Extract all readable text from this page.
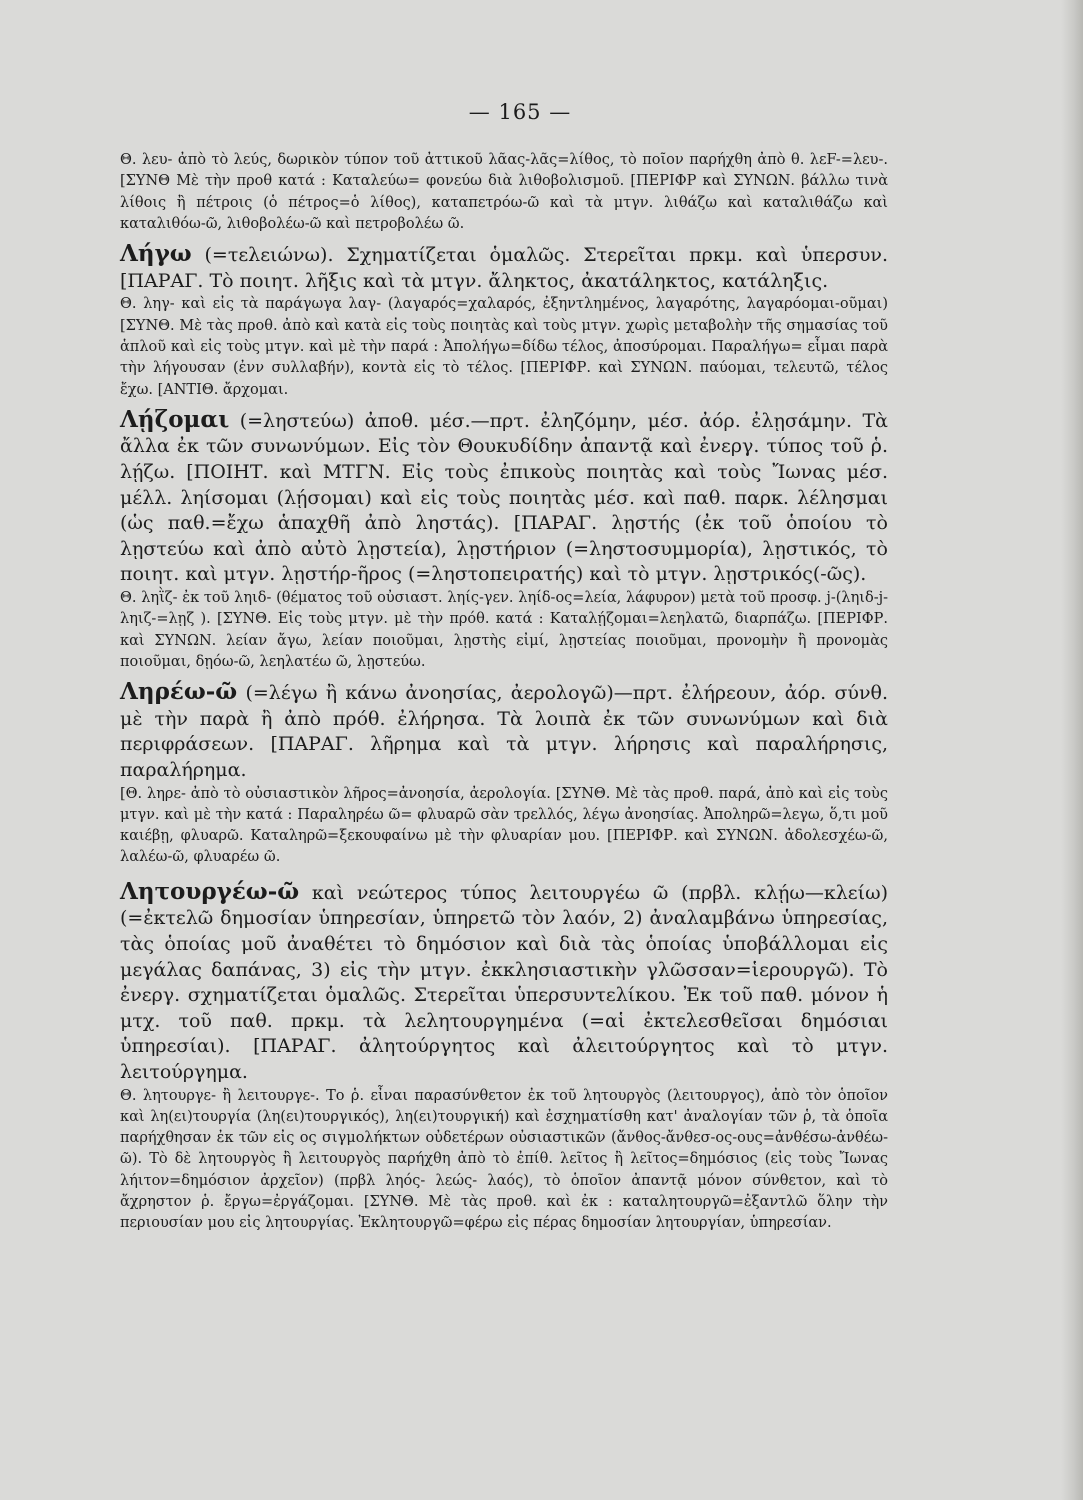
— 165 —

Θ. λευ- ἀπὸ τὸ λεύς, δωρικὸν τύπον τοῦ ἀττικοῦ λᾶας-λᾶς=λίθος, τὸ ποῖον παρήχθη ἀπὸ θ. λεF-=λευ-. [ΣΥΝΘ Μὲ τὴν προθ κατά : Καταλεύω= φονεύω διὰ λιθοβολισμοῦ. [ΠΕΡΙΦΡ καὶ ΣΥΝΩΝ. βάλλω τινὰ λίθοις ἢ πέτροις (ὁ πέτρος=ὁ λίθος), καταπετρόω-ῶ καὶ τὰ μτγν. λιθάζω καὶ καταλιθάζω καὶ καταλιθόω-ῶ, λιθοβολέω-ῶ καὶ πετροβολέω ῶ.

Λήγω (=τελειώνω). Σχηματίζεται ὁμαλῶς. Στερεῖται πρκμ. καὶ ὑπερσυν. [ΠΑΡΑΓ. Τὸ ποιητ. λῆξις καὶ τὰ μτγν. ἄληκτος, ἀκατάληκτος, κατάληξις.

Θ. ληγ- καὶ εἰς τὰ παράγωγα λαγ- (λαγαρός=χαλαρός, ἐξηντλημένος, λαγαρότης, λαγαρόομαι-οῦμαι) [ΣΥΝΘ. Μὲ τὰς προθ. ἀπὸ καὶ κατὰ εἰς τοὺς ποιητὰς καὶ τοὺς μτγν. χωρὶς μεταβολὴν τῆς σημασίας τοῦ ἁπλοῦ καὶ εἰς τοὺς μτγν. καὶ μὲ τὴν παρά : Ἀπολήγω=δίδω τέλος, ἀποσύρομαι. Παραλήγω= εἶμαι παρὰ τὴν λήγουσαν (ἐνν συλλαβήν), κοντὰ εἰς τὸ τέλος. [ΠΕΡΙΦΡ. καὶ ΣΥΝΩΝ. παύομαι, τελευτῶ, τέλος ἔχω. [ΑΝΤΙΘ. ἄρχομαι.

Λῄζομαι (=ληστεύω) ἀποθ. μέσ.—πρτ. ἐληζόμην, μέσ. ἀόρ. ἐλῃσάμην. Τὰ ἄλλα ἐκ τῶν συνωνύμων. Εἰς τὸν Θουκυδίδην ἀπαντᾷ καὶ ἐνεργ. τύπος τοῦ ῥ. λῄζω. [ΠΟΙΗΤ. καὶ ΜΤΓΝ. Εἰς τοὺς ἐπικοὺς ποιητὰς καὶ τοὺς Ἴωνας μέσ. μέλλ. ληίσομαι (λῄσομαι) καὶ εἰς τοὺς ποιητὰς μέσ. καὶ παθ. παρκ. λέλησμαι (ὡς παθ.=ἔχω ἁπαχθῆ ἀπὸ ληστάς). [ΠΑΡΑΓ. λῃστής (ἐκ τοῦ ὁποίου τὸ λῃστεύω καὶ ἀπὸ αὐτὸ λῃστεία), λῃστήριον (=ληστοσυμμορία), λῃστικός, τὸ ποιητ. καὶ μτγν. λῃστήρ-ῆρος (=ληστοπειρατής) καὶ τὸ μτγν. λῃστρικός(-ῶς).

Θ. ληῒζ- ἐκ τοῦ ληιδ- (θέματος τοῦ οὐσιαστ. ληίς-γεν. ληίδ-ος=λεία, λάφυρον) μετὰ τοῦ προσφ. j-(ληιδ-j-ληιζ-=λῃζ ). [ΣΥΝΘ. Εἰς τοὺς μτγν. μὲ τὴν πρόθ. κατά : Καταλῄζομαι=λεηλατῶ, διαρπάζω. [ΠΕΡΙΦΡ. καὶ ΣΥΝΩΝ. λείαν ἄγω, λείαν ποιοῦμαι, λῃστὴς εἰμί, λῃστείας ποιοῦμαι, προνομὴν ἢ προνομὰς ποιοῦμαι, δῃόω-ῶ, λεηλατέω ῶ, λῃστεύω.

Ληρέω-ῶ (=λέγω ἢ κάνω ἀνοησίας, ἀερολογῶ)—πρτ. ἐλήρεουν, ἀόρ. σύνθ. μὲ τὴν παρὰ ἢ ἀπὸ πρόθ. ἐλήρησα. Τὰ λοιπὰ ἐκ τῶν συνωνύμων καὶ διὰ περιφράσεων. [ΠΑΡΑΓ. λῆρημα καὶ τὰ μτγν. λήρησις καὶ παραλήρησις, παραλήρημα.

[Θ. ληρε- ἀπὸ τὸ οὐσιαστικὸν λῆρος=ἀνοησία, ἀερολογία. [ΣΥΝΘ. Μὲ τὰς προθ. παρά, ἀπὸ καὶ εἰς τοὺς μτγν. καὶ μὲ τὴν κατά : Παραληρέω ῶ= φλυαρῶ σὰν τρελλός, λέγω ἀνοησίας. Ἀποληρῶ=λεγω, ὅ,τι μοῦ καιέβῃ, φλυαρῶ. Καταληρῶ=ξεκουφαίνω μὲ τὴν φλυαρίαν μου. [ΠΕΡΙΦΡ. καὶ ΣΥΝΩΝ. ἀδολεσχέω-ῶ, λαλέω-ῶ, φλυαρέω ῶ.

Λητουργέω-ῶ καὶ νεώτερος τύπος λειτουργέω ῶ (πρβλ. κλῄω—κλείω) (=ἐκτελῶ δημοσίαν ὑπηρεσίαν, ὑπηρετῶ τὸν λαόν, 2) ἀναλαμβάνω ὑπηρεσίας, τὰς ὁποίας μοῦ ἀναθέτει τὸ δημόσιον καὶ διὰ τὰς ὁποίας ὑποβάλλομαι εἰς μεγάλας δαπάνας, 3) εἰς τὴν μτγν. ἐκκλησιαστικὴν γλῶσσαν=ἱερουργῶ). Τὸ ἐνεργ. σχηματίζεται ὁμαλῶς. Στερεῖται ὑπερσυντελίκου. Ἐκ τοῦ παθ. μόνον ἡ μτχ. τοῦ παθ. πρκμ. τὰ λελητουργημένα (=αἱ ἐκτελεσθεῖσαι δημόσιαι ὑπηρεσίαι). [ΠΑΡΑΓ. ἀλητούργητος καὶ ἀλειτούργητος καὶ τὸ μτγν. λειτούργημα.

Θ. λητουργε- ἢ λειτουργε-. Το ῥ. εἶναι παρασύνθετον ἐκ τοῦ λητουργὸς (λειτουργος), ἀπὸ τὸν ὁποῖον καὶ λη(ει)τουργία (λη(ει)τουργικός), λη(ει)τουργική) καὶ ἐσχηματίσθη κατ' ἀναλογίαν τῶν ῥ, τὰ ὁποῖα παρήχθησαν ἐκ τῶν εἰς ος σιγμολήκτων οὐδετέρων οὐσιαστικῶν (ἄνθος-ἄνθεσ-ος-ους=ἀνθέσω-ἀνθέω-ῶ). Τὸ δὲ λητουργὸς ἢ λειτουργὸς παρήχθη ἀπὸ τὸ ἐπίθ. λεῖτος ἢ λεῖτος=δημόσιος (εἰς τοὺς Ἴωνας λήιτον=δημόσιον ἀρχεῖον) (πρβλ ληός- λεώς- λαός), τὸ ὁποῖον ἀπαντᾷ μόνον σύνθετον, καὶ τὸ ἄχρηστον ῥ. ἔργω=ἐργάζομαι. [ΣΥΝΘ. Μὲ τὰς προθ. καὶ ἐκ : καταλητουργῶ=ἐξαντλῶ ὅλην τὴν περιουσίαν μου εἰς λητουργίας. Ἐκλητουργῶ=φέρω εἰς πέρας δημοσίαν λητουργίαν, ὑπηρεσίαν.
